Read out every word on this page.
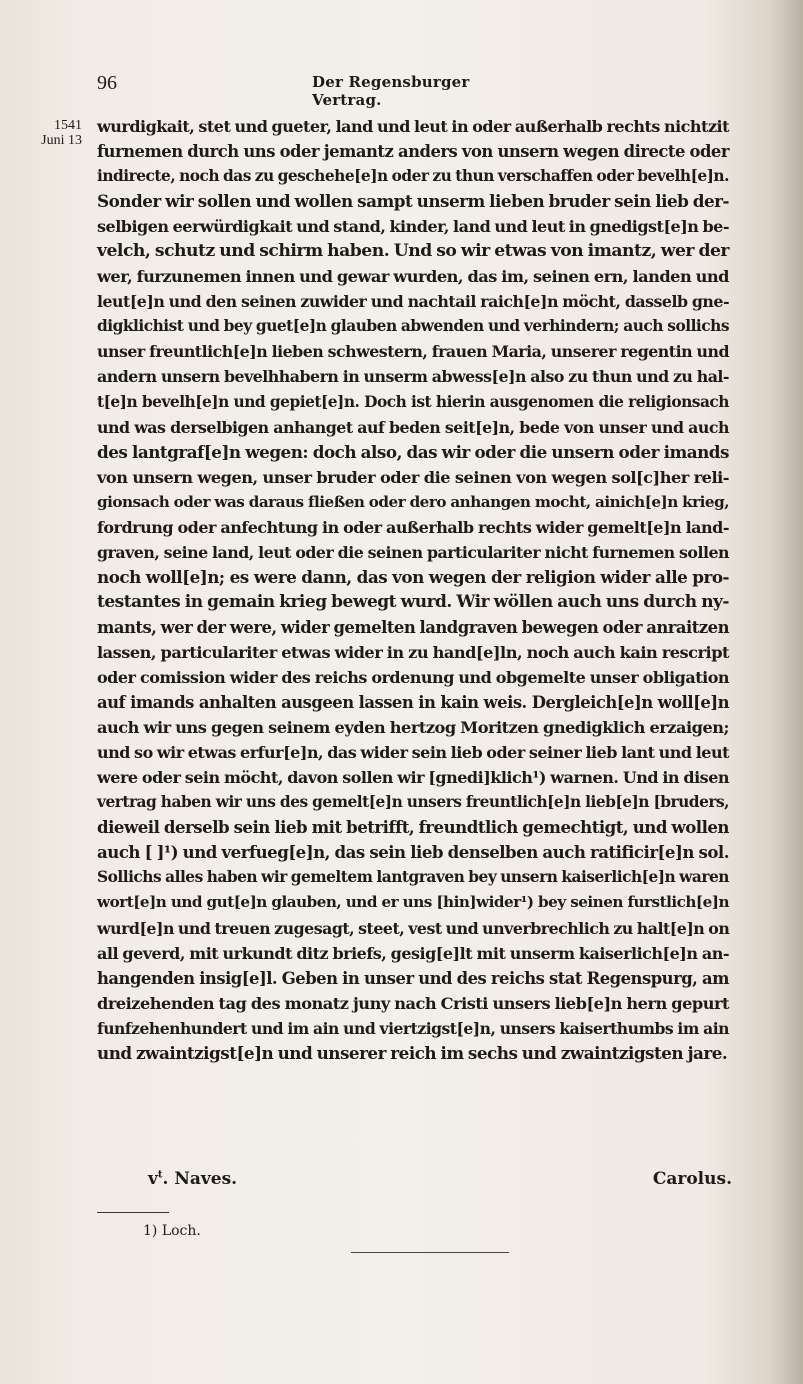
96	Der Regensburger Vertrag.
1541
Juni 13
wurdigkait, stet und gueter, land und leut in oder außerhalb rechts nichtzit
furnemen durch uns oder jemantz anders von unsern wegen directe oder
indirecte, noch das zu geschehe[e]n oder zu thun verschaffen oder bevelh[e]n.
Sonder wir sollen und wollen sampt unserm lieben bruder sein lieb der-
selbigen eerwürdigkait und stand, kinder, land und leut in gnedigst[e]n be-
velch, schutz und schirm haben. Und so wir etwas von imantz, wer der
wer, furzunemen innen und gewar wurden, das im, seinen ern, landen und
leut[e]n und den seinen zuwider und nachtail raich[e]n möcht, dasselb gne-
digklichist und bey guet[e]n glauben abwenden und verhindern; auch sollichs
unser freuntlich[e]n lieben schwestern, frauen Maria, unserer regentin und
andern unsern bevelhhabern in unserm abwess[e]n also zu thun und zu hal-
t[e]n bevelh[e]n und gepiet[e]n. Doch ist hierin ausgenomen die religionsach
und was derselbigen anhanget auf beden seit[e]n, bede von unser und auch
des lantgraf[e]n wegen: doch also, das wir oder die unsern oder imands
von unsern wegen, unser bruder oder die seinen von wegen sol[c]her reli-
gionsach oder was daraus fließen oder dero anhangen mocht, ainich[e]n krieg,
fordrung oder anfechtung in oder außerhalb rechts wider gemelt[e]n land-
graven, seine land, leut oder die seinen particulariter nicht furnemen sollen
noch woll[e]n; es were dann, das von wegen der religion wider alle pro-
testantes in gemain krieg bewegt wurd. Wir wöllen auch uns durch ny-
mants, wer der were, wider gemelten landgraven bewegen oder anraitzen
lassen, particulariter etwas wider in zu hand[e]ln, noch auch kain rescript
oder comission wider des reichs ordenung und obgemelte unser obligation
auf imands anhalten ausgeen lassen in kain weis. Dergleich[e]n woll[e]n
auch wir uns gegen seinem eyden hertzog Moritzen gnedigklich erzaigen;
und so wir etwas erfur[e]n, das wider sein lieb oder seiner lieb lant und leut
were oder sein möcht, davon sollen wir [gnedi]klich¹) warnen. Und in disen
vertrag haben wir uns des gemelt[e]n unsers freuntlich[e]n lieb[e]n [bruders,
dieweil derselb sein lieb mit betrifft, freundtlich gemechtigt, und wollen
auch [ ]¹) und verfueg[e]n, das sein lieb denselben auch ratificir[e]n sol.
Sollichs alles haben wir gemeltem lantgraven bey unsern kaiserlich[e]n waren
wort[e]n und gut[e]n glauben, und er uns [hin]wider¹) bey seinen furstlich[e]n
wurd[e]n und treuen zugesagt, steet, vest und unverbrechlich zu halt[e]n on
all geverd, mit urkundt ditz briefs, gesig[e]lt mit unserm kaiserlich[e]n an-
hangenden insig[e]l. Geben in unser und des reichs stat Regenspurg, am
dreizehenden tag des monatz juny nach Cristi unsers lieb[e]n hern gepurt
funfzehenhundert und im ain und viertzigst[e]n, unsers kaiserthumbs im ain
und zwaintzigst[e]n und unserer reich im sechs und zwaintzigsten jare.
$v^t$. Naves.	Carolus.
1) Loch.
